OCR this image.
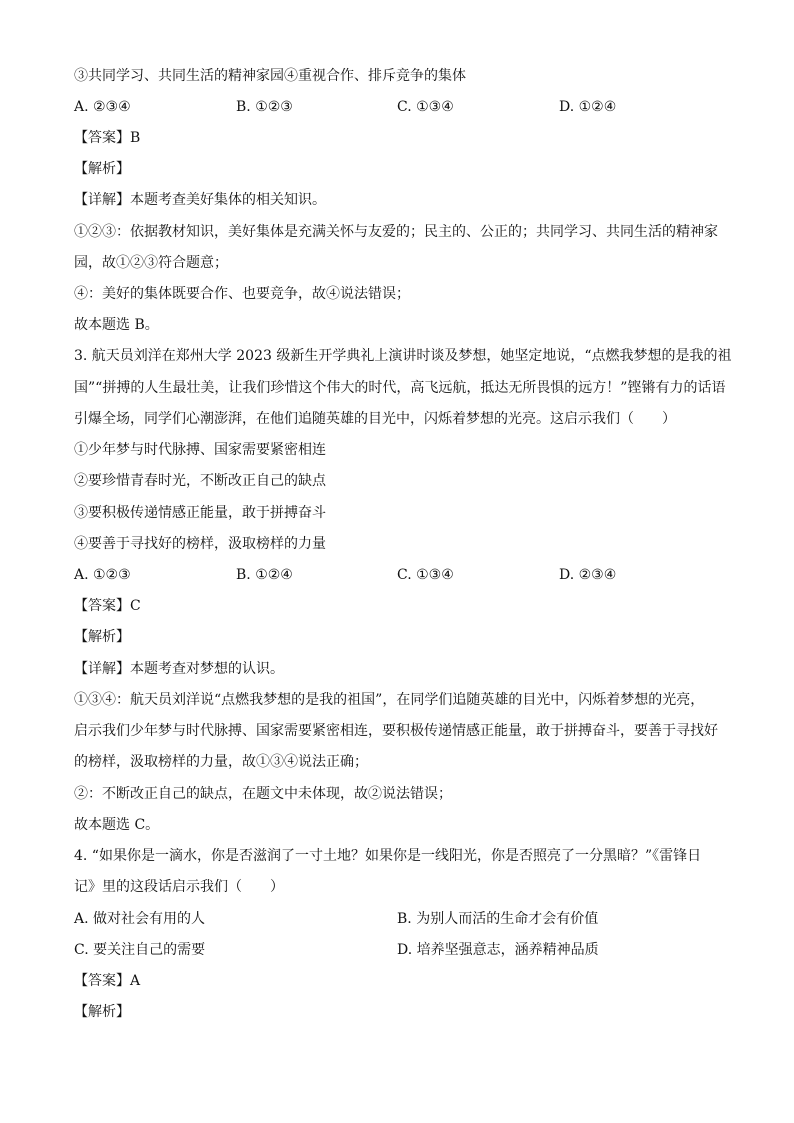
③共同学习、共同生活的精神家园④重视合作、排斥竞争的集体
A. ②③④	B. ①②③	C. ①③④	D. ①②④
【答案】B
【解析】
【详解】本题考查美好集体的相关知识。
①②③：依据教材知识，美好集体是充满关怀与友爱的；民主的、公正的；共同学习、共同生活的精神家
园，故①②③符合题意；
④：美好的集体既要合作、也要竞争，故④说法错误；
故本题选 B。
3. 航天员刘洋在郑州大学 2023 级新生开学典礼上演讲时谈及梦想，她坚定地说，“点燃我梦想的是我的祖
国”“拼搏的人生最壮美，让我们珍惜这个伟大的时代，高飞远航，抵达无所畏惧的远方！”铿锵有力的话语
引爆全场，同学们心潮澎湃，在他们追随英雄的目光中，闪烁着梦想的光亮。这启示我们（　　）
①少年梦与时代脉搏、国家需要紧密相连
②要珍惜青春时光，不断改正自己的缺点
③要积极传递情感正能量，敢于拼搏奋斗
④要善于寻找好的榜样，汲取榜样的力量
A. ①②③	B. ①②④	C. ①③④	D. ②③④
【答案】C
【解析】
【详解】本题考查对梦想的认识。
①③④：航天员刘洋说“点燃我梦想的是我的祖国”，在同学们追随英雄的目光中，闪烁着梦想的光亮，
启示我们少年梦与时代脉搏、国家需要紧密相连，要积极传递情感正能量，敢于拼搏奋斗，要善于寻找好
的榜样，汲取榜样的力量，故①③④说法正确；
②：不断改正自己的缺点，在题文中未体现，故②说法错误；
故本题选 C。
4. “如果你是一滴水，你是否滋润了一寸土地？如果你是一线阳光，你是否照亮了一分黑暗？”《雷锋日
记》里的这段话启示我们（　　）
A. 做对社会有用的人	B. 为别人而活的生命才会有价值
C. 要关注自己的需要	D. 培养坚强意志，涵养精神品质
【答案】A
【解析】
